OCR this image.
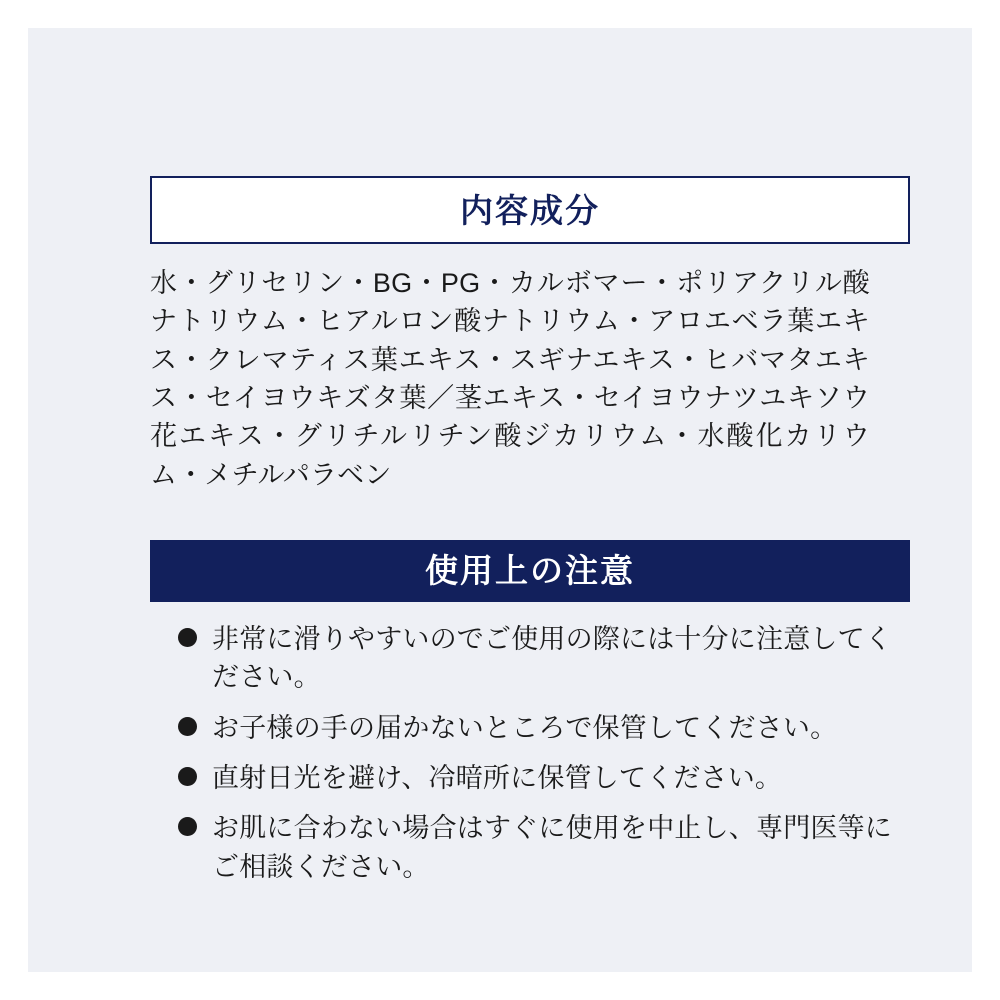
内容成分
水・グリセリン・BG・PG・カルボマー・ポリアクリル酸ナトリウム・ヒアルロン酸ナトリウム・アロエベラ葉エキス・クレマティス葉エキス・スギナエキス・ヒバマタエキス・セイヨウキズタ葉／茎エキス・セイヨウナツユキソウ花エキス・グリチルリチン酸ジカリウム・水酸化カリウム・メチルパラベン
使用上の注意
非常に滑りやすいのでご使用の際には十分に注意してください。
お子様の手の届かないところで保管してください。
直射日光を避け、冷暗所に保管してください。
お肌に合わない場合はすぐに使用を中止し、専門医等にご相談ください。
